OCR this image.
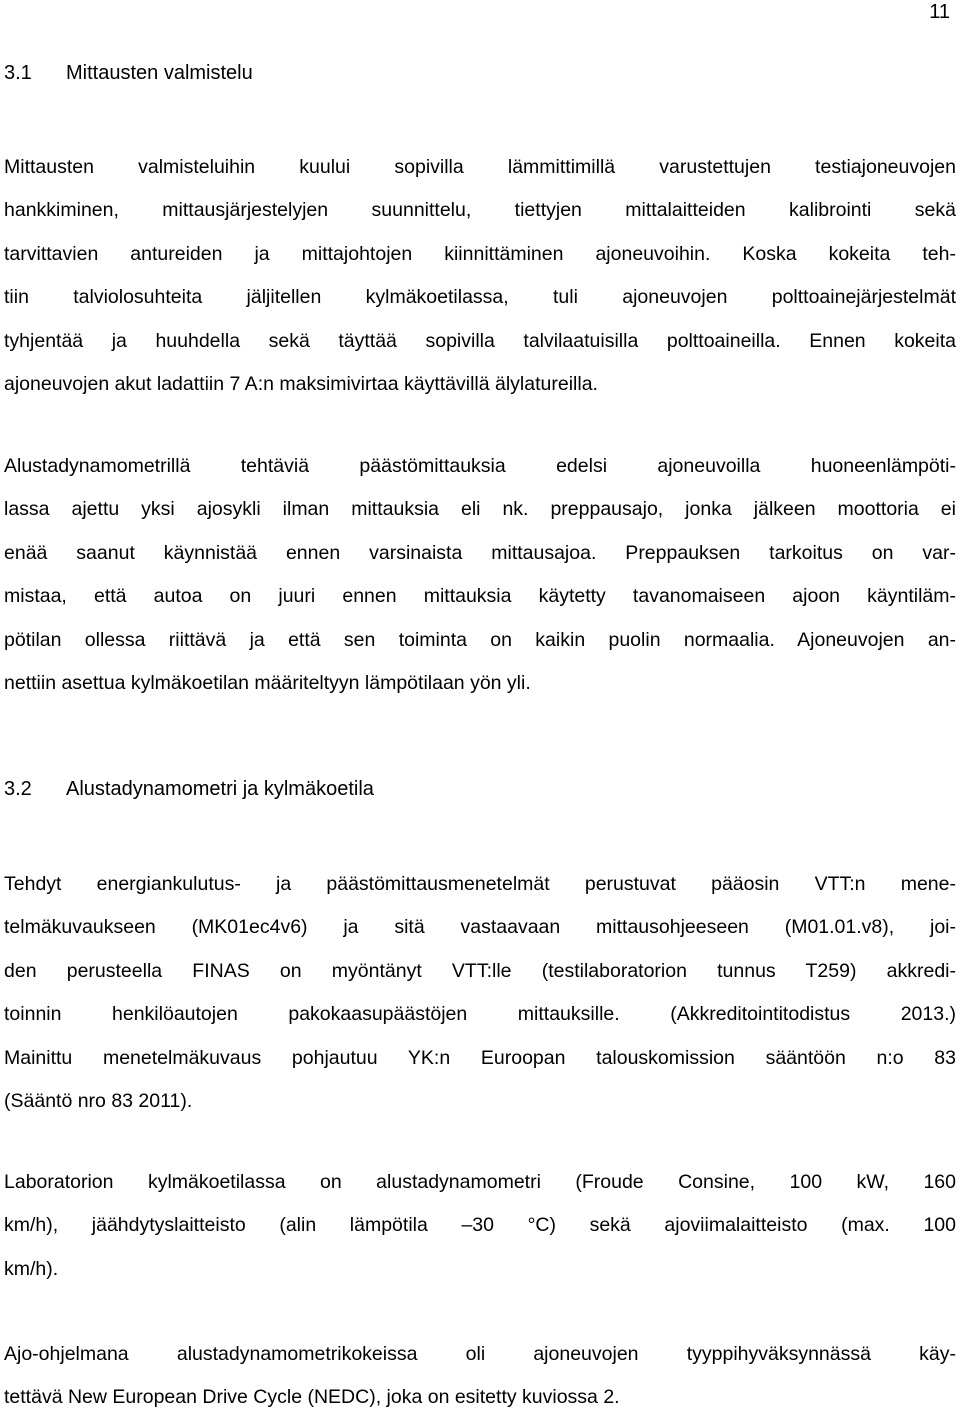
11
3.1 Mittausten valmistelu
Mittausten valmisteluihin kuului sopivilla lämmittimillä varustettujen testiajoneuvojen
hankkiminen, mittausjärjestelyjen suunnittelu, tiettyjen mittalaitteiden kalibrointi sekä
tarvittavien antureiden ja mittajohtojen kiinnittäminen ajoneuvoihin. Koska kokeita teh-
tiin talviolosuhteita jäljitellen kylmäkoetilassa, tuli ajoneuvojen polttoainejärjestelmät
tyhjentää ja huuhdella sekä täyttää sopivilla talvilaatuisilla polttoaineilla. Ennen kokeita
ajoneuvojen akut ladattiin 7 A:n maksimivirtaa käyttävillä älylatureilla.
Alustadynamometrillä tehtäviä päästömittauksia edelsi ajoneuvoilla huoneenlämpöti-
lassa ajettu yksi ajosykli ilman mittauksia eli nk. preppausajo, jonka jälkeen moottoria ei
enää saanut käynnistää ennen varsinaista mittausajoa. Preppauksen tarkoitus on var-
mistaa, että autoa on juuri ennen mittauksia käytetty tavanomaiseen ajoon käyntiläm-
pötilan ollessa riittävä ja että sen toiminta on kaikin puolin normaalia. Ajoneuvojen an-
nettiin asettua kylmäkoetilan määriteltyyn lämpötilaan yön yli.
3.2 Alustadynamometri ja kylmäkoetila
Tehdyt energiankulutus- ja päästömittausmenetelmät perustuvat pääosin VTT:n mene-
telmäkuvaukseen (MK01ec4v6) ja sitä vastaavaan mittausohjeeseen (M01.01.v8), joi-
den perusteella FINAS on myöntänyt VTT:lle (testilaboratorion tunnus T259) akkredi-
toinnin henkilöautojen pakokaasupäästöjen mittauksille. (Akkreditointitodistus 2013.)
Mainittu menetelmäkuvaus pohjautuu YK:n Euroopan talouskomission sääntöön n:o 83
(Sääntö nro 83 2011).
Laboratorion kylmäkoetilassa on alustadynamometri (Froude Consine, 100 kW, 160
km/h), jäähdytyslaitteisto (alin lämpötila –30 °C) sekä ajoviimalaitteisto (max. 100
km/h).
Ajo-ohjelmana alustadynamometrikokeissa oli ajoneuvojen tyyppihyväksynnässä käy-
tettävä New European Drive Cycle (NEDC), joka on esitetty kuviossa 2.
